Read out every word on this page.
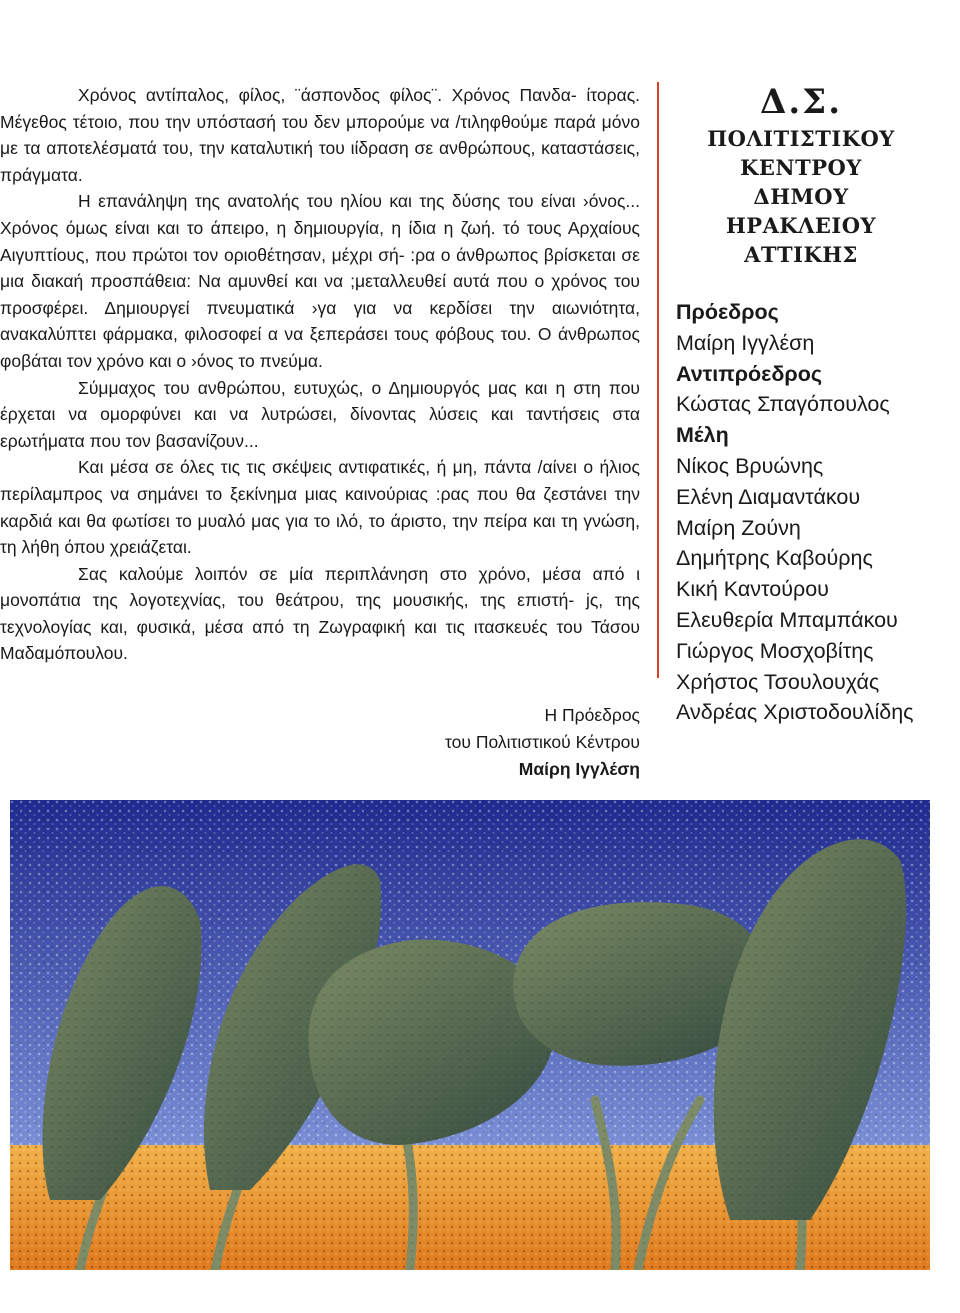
Χρόνος αντίπαλος, φίλος, ¨άσπονδος φίλος¨. Χρόνος Πανδα- ίτορας. Μέγεθος τέτοιο, που την υπόστασή του δεν μπορούμε να /τιληφθούμε παρά μόνο με τα αποτελέσματά του, την καταλυτική του ιίδραση σε ανθρώπους, καταστάσεις, πράγματα.

Η επανάληψη της ανατολής του ηλίου και της δύσης του είναι ›όνος... Χρόνος όμως είναι και το άπειρο, η δημιουργία, η ίδια η ζωή. τό τους Αρχαίους Αιγυπτίους, που πρώτοι τον οριοθέτησαν, μέχρι σή- :ρα ο άνθρωπος βρίσκεται σε μια διακαή προσπάθεια: Να αμυνθεί και να ;μεταλλευθεί αυτά που ο χρόνος του προσφέρει. Δημιουργεί πνευματικά ›γα για να κερδίσει την αιωνιότητα, ανακαλύπτει φάρμακα, φιλοσοφεί α να ξεπεράσει τους φόβους του. Ο άνθρωπος φοβάται τον χρόνο και ο ›όνος το πνεύμα.

Σύμμαχος του ανθρώπου, ευτυχώς, ο Δημιουργός μας και η στη που έρχεται να ομορφύνει και να λυτρώσει, δίνοντας λύσεις και ταντήσεις στα ερωτήματα που τον βασανίζουν...

Και μέσα σε όλες τις τις σκέψεις αντιφατικές, ή μη, πάντα /αίνει ο ήλιος περίλαμπρος να σημάνει το ξεκίνημα μιας καινούριας :ρας που θα ζεστάνει την καρδιά και θα φωτίσει το μυαλό μας για το ιλό, το άριστο, την πείρα και τη γνώση, τη λήθη όπου χρειάζεται.

Σας καλούμε λοιπόν σε μία περιπλάνηση στο χρόνο, μέσα από ι μονοπάτια της λογοτεχνίας, του θεάτρου, της μουσικής, της επιστή- ϳς, της τεχνολογίας και, φυσικά, μέσα από τη Ζωγραφική και τις ιτασκευές του Τάσου Μαδαμόπουλου.

Η Πρόεδρος
του Πολιτιστικού Κέντρου
Μαίρη Ιγγλέση
Δ.Σ.
ΠΟΛΙΤΙΣΤΙΚΟΥ
ΚΕΝΤΡΟΥ
ΔΗΜΟΥ ΗΡΑΚΛΕΙΟΥ
ΑΤΤΙΚΗΣ
Πρόεδρος
Μαίρη Ιγγλέση
Αντιπρόεδρος
Κώστας Σπαγόπουλος
Μέλη
Νίκος Βρυώνης
Ελένη Διαμαντάκου
Μαίρη Ζούνη
Δημήτρης Καβούρης
Κική Καντούρου
Ελευθερία Μπαμπάκου
Γιώργος Μοσχοβίτης
Χρήστος Τσουλουχάς
Ανδρέας Χριστοδουλίδης
